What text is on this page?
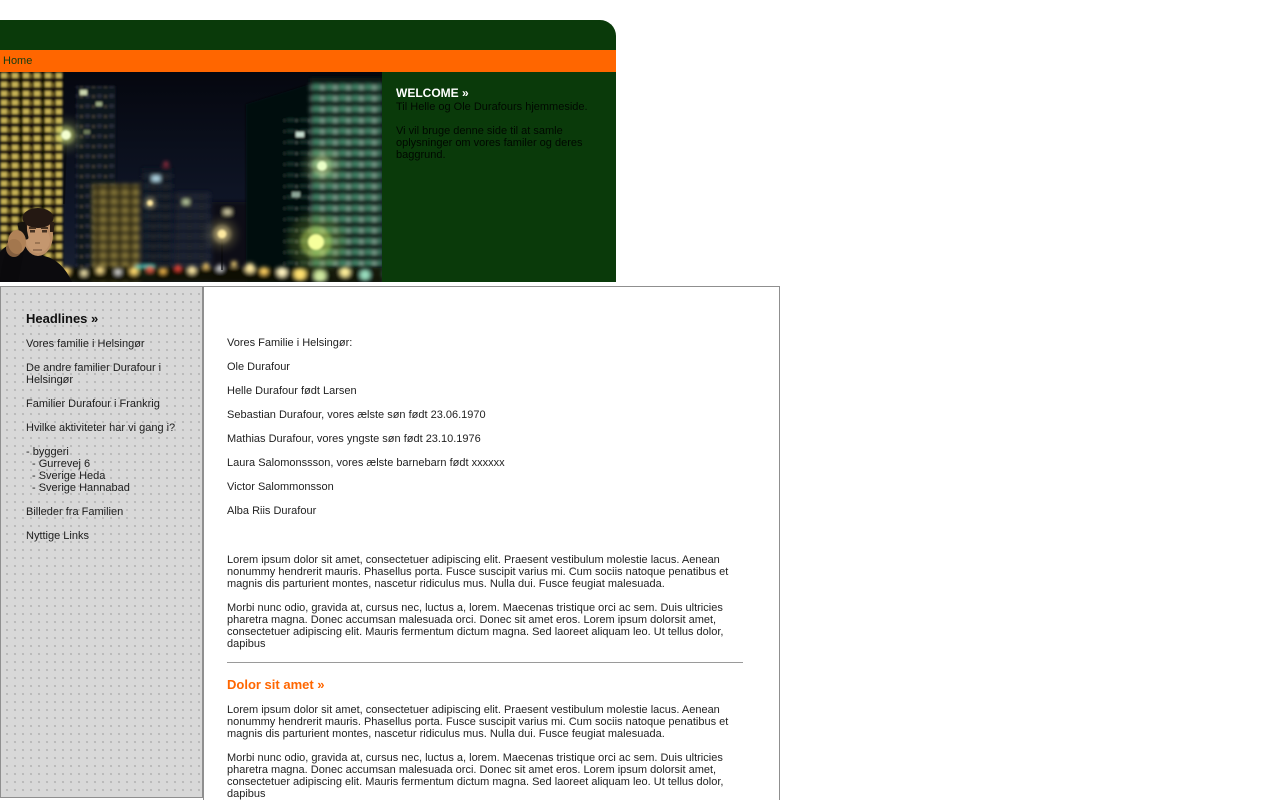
Home
WELCOME »
Til Helle og Ole Durafours hjemmeside.
Vi vil bruge denne side til at samle oplysninger om vores familer og deres baggrund.
Headlines »
Vores familie i Helsingør
De andre familier Durafour i Helsingør
Familier Durafour i Frankrig
Hvilke aktiviteter har vi gang i?
- byggeri
- Gurrevej 6
- Sverige Heda
- Sverige Hannabad
Billeder fra Familien
Nyttige Links

Vores Familie i Helsingør:

Ole Durafour

Helle Durafour født Larsen

Sebastian Durafour, vores ælste søn født 23.06.1970

Mathias Durafour, vores yngste søn født 23.10.1976

Laura Salomonssson, vores ælste barnebarn født xxxxxx

Victor Salommonsson

Alba Riis Durafour

Lorem ipsum dolor sit amet, consectetuer adipiscing elit. Praesent vestibulum molestie lacus. Aenean nonummy hendrerit mauris. Phasellus porta. Fusce suscipit varius mi. Cum sociis natoque penatibus et magnis dis parturient montes, nascetur ridiculus mus. Nulla dui. Fusce feugiat malesuada.

Morbi nunc odio, gravida at, cursus nec, luctus a, lorem. Maecenas tristique orci ac sem. Duis ultricies pharetra magna. Donec accumsan malesuada orci. Donec sit amet eros. Lorem ipsum dolorsit amet, consectetuer adipiscing elit. Mauris fermentum dictum magna. Sed laoreet aliquam leo. Ut tellus dolor, dapibus

Dolor sit amet »

Lorem ipsum dolor sit amet, consectetuer adipiscing elit. Praesent vestibulum molestie lacus. Aenean nonummy hendrerit mauris. Phasellus porta. Fusce suscipit varius mi. Cum sociis natoque penatibus et magnis dis parturient montes, nascetur ridiculus mus. Nulla dui. Fusce feugiat malesuada.

Morbi nunc odio, gravida at, cursus nec, luctus a, lorem. Maecenas tristique orci ac sem. Duis ultricies pharetra magna. Donec accumsan malesuada orci. Donec sit amet eros. Lorem ipsum dolorsit amet, consectetuer adipiscing elit. Mauris fermentum dictum magna. Sed laoreet aliquam leo. Ut tellus dolor, dapibus
